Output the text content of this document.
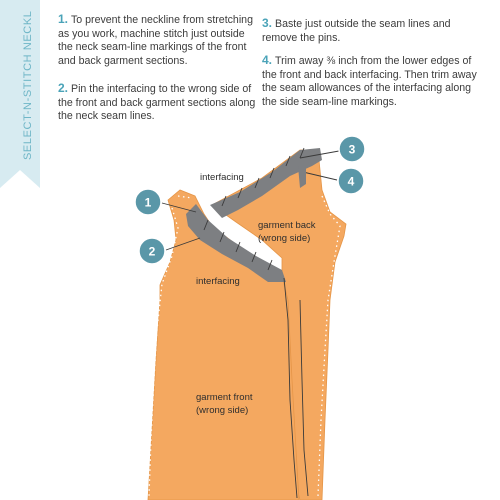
SELECT-N-STITCH NECKL 1. To prevent the neckline from stretching as you work, machine stitch just outside the neck seam-line markings of the front and back garment sections.
2. Pin the interfacing to the wrong side of the front and back garment sections along the neck seam lines.
3. Baste just outside the seam lines and remove the pins.
4. Trim away ⅜ inch from the lower edges of the front and back interfacing. Then trim away the seam allowances of the interfacing along the side seam-line markings.
interfacing
garment back
(wrong side)
interfacing
garment front
(wrong side)
1
2
3
4
